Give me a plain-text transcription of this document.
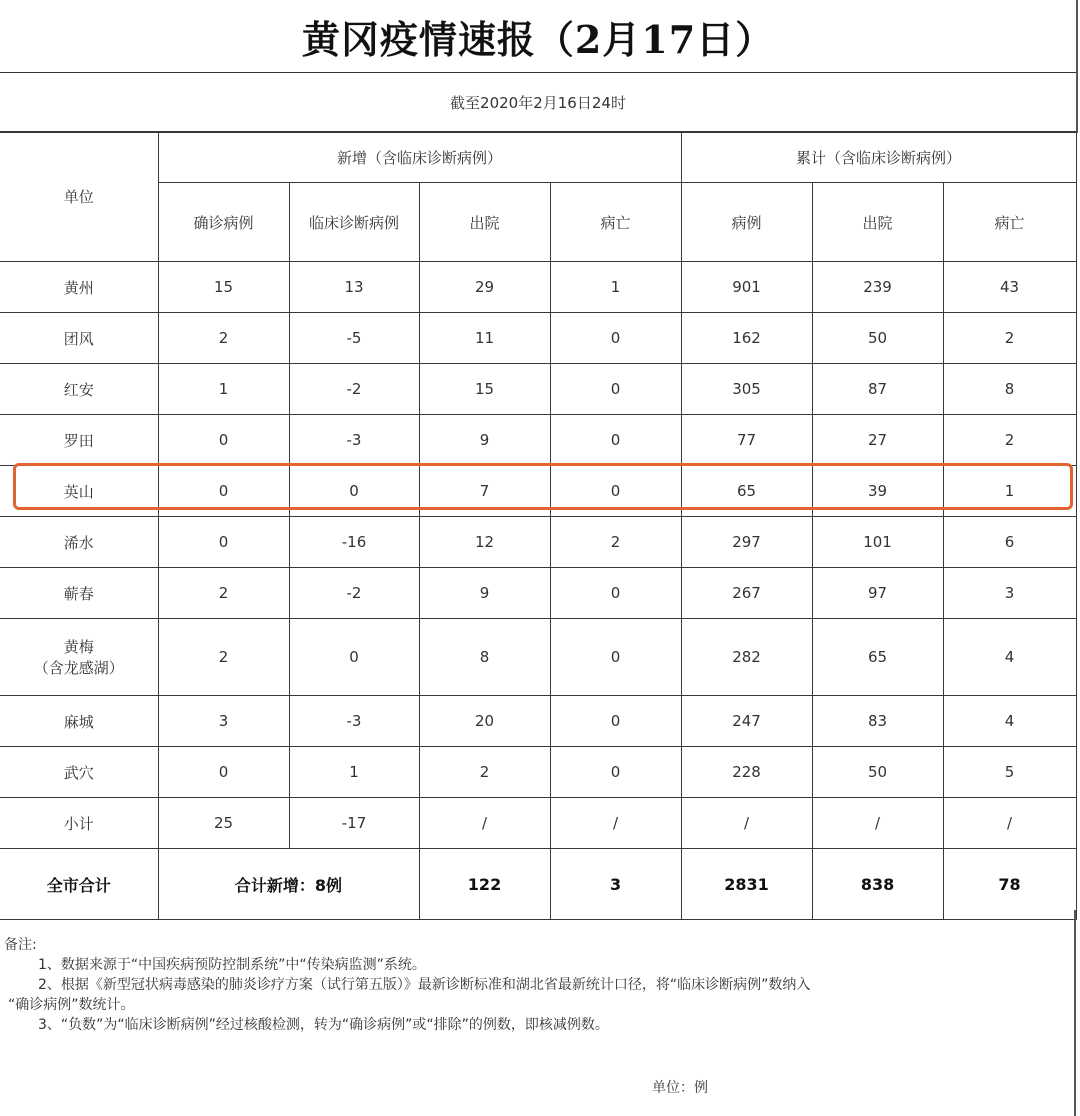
黄冈疫情速报（2月17日）
截至2020年2月16日24时
单位	新增（含临床诊断病例）				累计（含临床诊断病例）		
	确诊病例	临床诊断病例	出院	病亡	病例	出院	病亡

黄州	15	13	29	1	901	239	43

团风	2	-5	11	0	162	50	2

红安	1	-2	15	0	305	87	8

罗田	0	-3	9	0	77	27	2

英山	0	0	7	0	65	39	1

浠水	0	-16	12	2	297	101	6

蕲春	2	-2	9	0	267	97	3

黄梅
（含龙感湖）	2	0	8	0	282	65	4

麻城	3	-3	20	0	247	83	4

武穴	0	1	2	0	228	50	5

小计	25	-17	/	/	/	/	/
全市合计	合计新增：8例		122	3	2831	838	78
备注:
1、数据来源于“中国疾病预防控制系统”中“传染病监测”系统。
2、根据《新型冠状病毒感染的肺炎诊疗方案（试行第五版）》最新诊断标准和湖北省最新统计口径，将“临床诊断病例”数纳入
“确诊病例”数统计。
3、“负数”为“临床诊断病例”经过核酸检测，转为“确诊病例”或“排除”的例数，即核减例数。
单位：例
